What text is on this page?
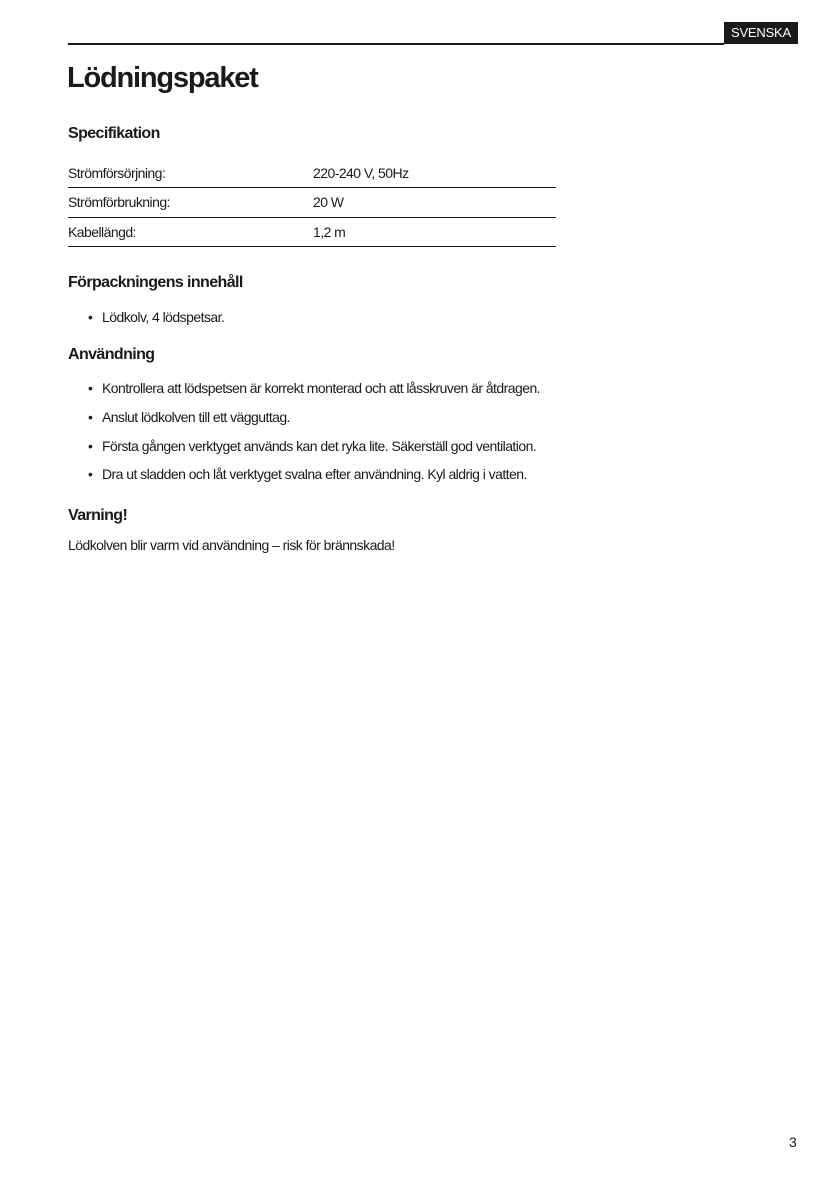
SVENSKA
Lödningspaket
Specifikation
Strömförsörjning:	220-240 V, 50Hz
Strömförbrukning:	20 W
Kabellängd:	1,2 m
Förpackningens innehåll
• Lödkolv, 4 lödspetsar.
Användning
• Kontrollera att lödspetsen är korrekt monterad och att låsskruven är åtdragen.
• Anslut lödkolven till ett vägguttag.
• Första gången verktyget används kan det ryka lite. Säkerställ god ventilation.
• Dra ut sladden och låt verktyget svalna efter användning. Kyl aldrig i vatten.
Varning!
Lödkolven blir varm vid användning – risk för brännskada!
3
